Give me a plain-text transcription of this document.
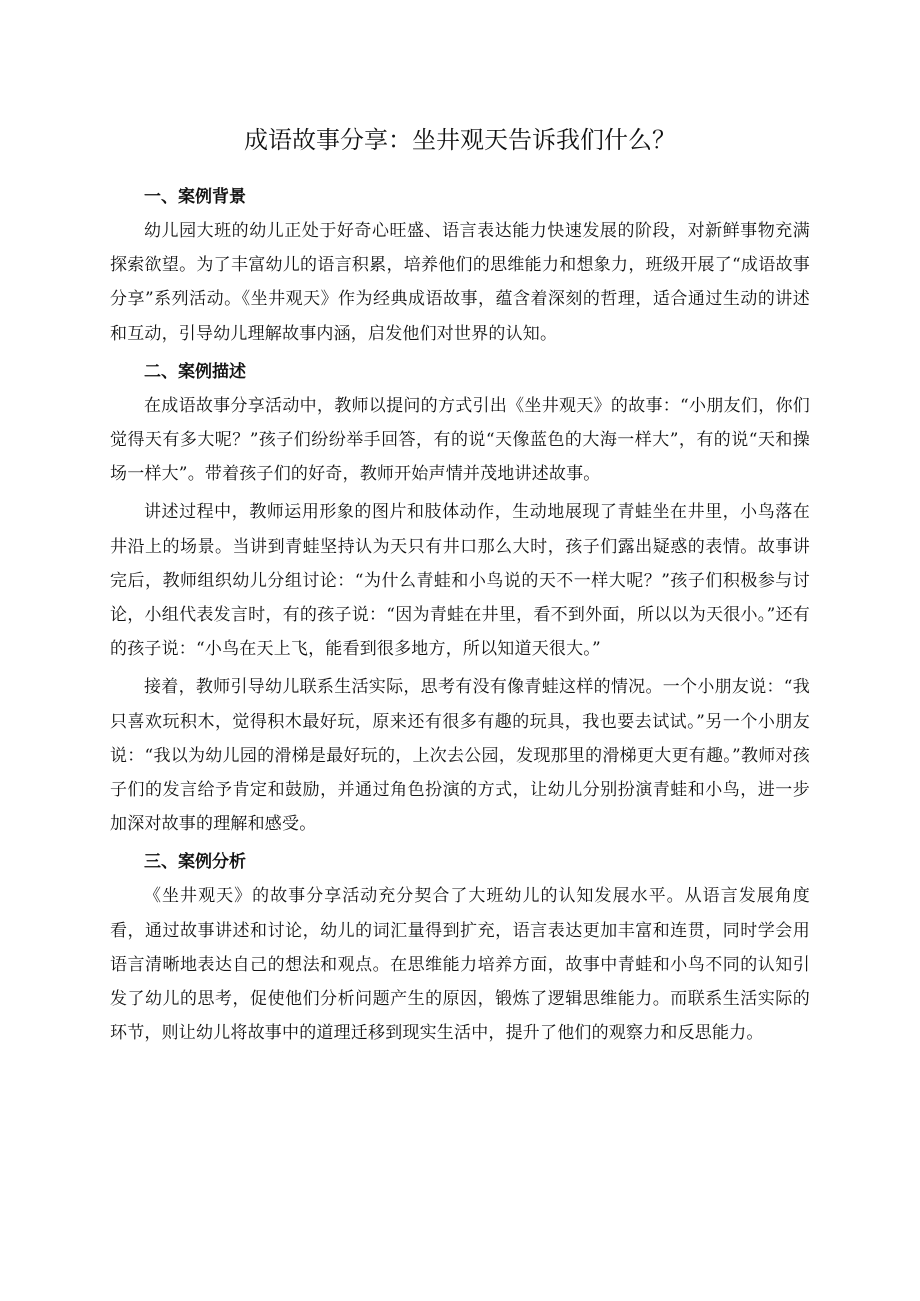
成语故事分享：坐井观天告诉我们什么？
一、案例背景

幼儿园大班的幼儿正处于好奇心旺盛、语言表达能力快速发展的阶段，对新鲜事物充满探索欲望。为了丰富幼儿的语言积累，培养他们的思维能力和想象力，班级开展了“成语故事分享”系列活动。《坐井观天》作为经典成语故事，蕴含着深刻的哲理，适合通过生动的讲述和互动，引导幼儿理解故事内涵，启发他们对世界的认知。

二、案例描述

在成语故事分享活动中，教师以提问的方式引出《坐井观天》的故事：“小朋友们，你们觉得天有多大呢？”孩子们纷纷举手回答，有的说“天像蓝色的大海一样大”，有的说“天和操场一样大”。带着孩子们的好奇，教师开始声情并茂地讲述故事。

讲述过程中，教师运用形象的图片和肢体动作，生动地展现了青蛙坐在井里，小鸟落在井沿上的场景。当讲到青蛙坚持认为天只有井口那么大时，孩子们露出疑惑的表情。故事讲完后，教师组织幼儿分组讨论：“为什么青蛙和小鸟说的天不一样大呢？”孩子们积极参与讨论，小组代表发言时，有的孩子说：“因为青蛙在井里，看不到外面，所以以为天很小。”还有的孩子说：“小鸟在天上飞，能看到很多地方，所以知道天很大。”

接着，教师引导幼儿联系生活实际，思考有没有像青蛙这样的情况。一个小朋友说：“我只喜欢玩积木，觉得积木最好玩，原来还有很多有趣的玩具，我也要去试试。”另一个小朋友说：“我以为幼儿园的滑梯是最好玩的，上次去公园，发现那里的滑梯更大更有趣。”教师对孩子们的发言给予肯定和鼓励，并通过角色扮演的方式，让幼儿分别扮演青蛙和小鸟，进一步加深对故事的理解和感受。

三、案例分析

《坐井观天》的故事分享活动充分契合了大班幼儿的认知发展水平。从语言发展角度看，通过故事讲述和讨论，幼儿的词汇量得到扩充，语言表达更加丰富和连贯，同时学会用语言清晰地表达自己的想法和观点。在思维能力培养方面，故事中青蛙和小鸟不同的认知引发了幼儿的思考，促使他们分析问题产生的原因，锻炼了逻辑思维能力。而联系生活实际的环节，则让幼儿将故事中的道理迁移到现实生活中，提升了他们的观察力和反思能力。
